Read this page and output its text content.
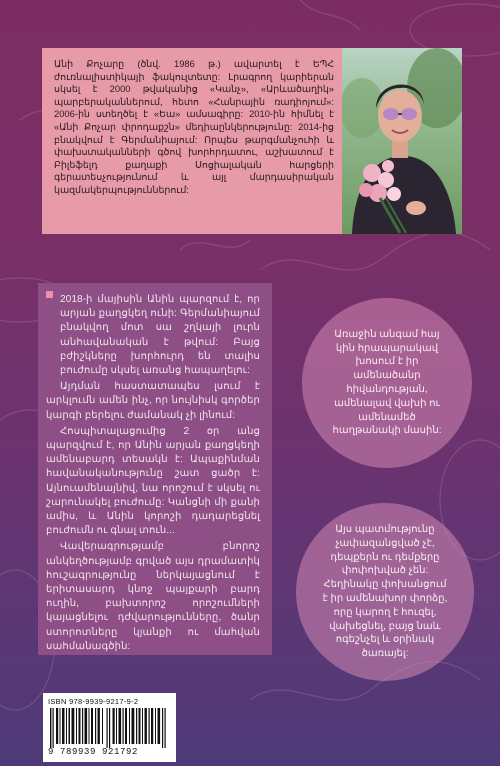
Անի Քոչարը (ծնվ. 1986 թ.) ավարտել է ԵՊՀ ժուռնալիստիկայի ֆակուլտետը: Լրագրող կարիերան սկսել է 2000 թվականից «Կանչ», «Արևածաղիկ» պարբերականներում, հետո «Հանրային ռադիոյում»: 2006-ին ստեղծել է «Եա» ամսագիրը: 2010-ին հիմնել է «Անի Քոչար փրոդաքշն» մեդիաընկերությունը: 2014-ից բնակվում է Գերմանիայում: Որպես թարգմանչուհի և փախստականների գծով խորհրդատու, աշխատում է Բիլեֆելդ քաղաքի Սոցիալական հարցերի գերատեսչությունում և այլ մարդասիրական կազմակերպություններում:

2018-ի մայիսին Անին պարզում է, որ արյան քաղցկեղ ունի: Գերմանիայում բնակվող մոտ սա շղկայի լուրն անհավանական է թվում: Բայց բժիշկները խորհուրդ են տալիս բուժումը սկսել առանց հապաղելու:

Այդման հաստատապես լսում է արկլումն ամեն ինչ, որ նույնիսկ գործեր կարգի բերելու ժամանակ չի լինում:

Հոսպիտալացումից 2 օր անց պարզվում է, որ Անին արյան քաղցկեղի ամենաբարդ տեսակն է: Ապաքինման հավանականությունը շատ ցածր է: Այնուամենայնիվ, նա որոշում է սկսել ու շարունակել բուժումը: Կանցնի մի քանի ամիս, և Անին կորոշի դադարեցնել բուժումն ու գնալ տուն...

Վավերագրությամբ բնորոշ անկեղծությամբ գրված այս դրամատիկ հուշագրությունը ներկայացնում է երիտասարդ կնոջ պայքարի բարդ ուղին, բախտորոշ որոշումների կայացնելու դժվարությունները, ծանր ստորոտները կյանքի ու մահվան սահմանագծին:

Առաջին անգամ հայ կին հրապարակավ խոսում է իր ամենածանր հիվանդության, ամենալավ վախի ու ամենամեծ հաղթանակի մասին:
Այս պատմությունը չափազանցված չէ, դեպքերն ու դեմքերը փոփոխված չեն: Հեղինակը փոխանցում է իր ամենախոր փորձը, որը կարող է հուզել, վախեցնել, բայց նաև ոգեշնչել և օրինակ ծառայել:
ISBN 978-9939-9217-9-2
9 789939 921792
